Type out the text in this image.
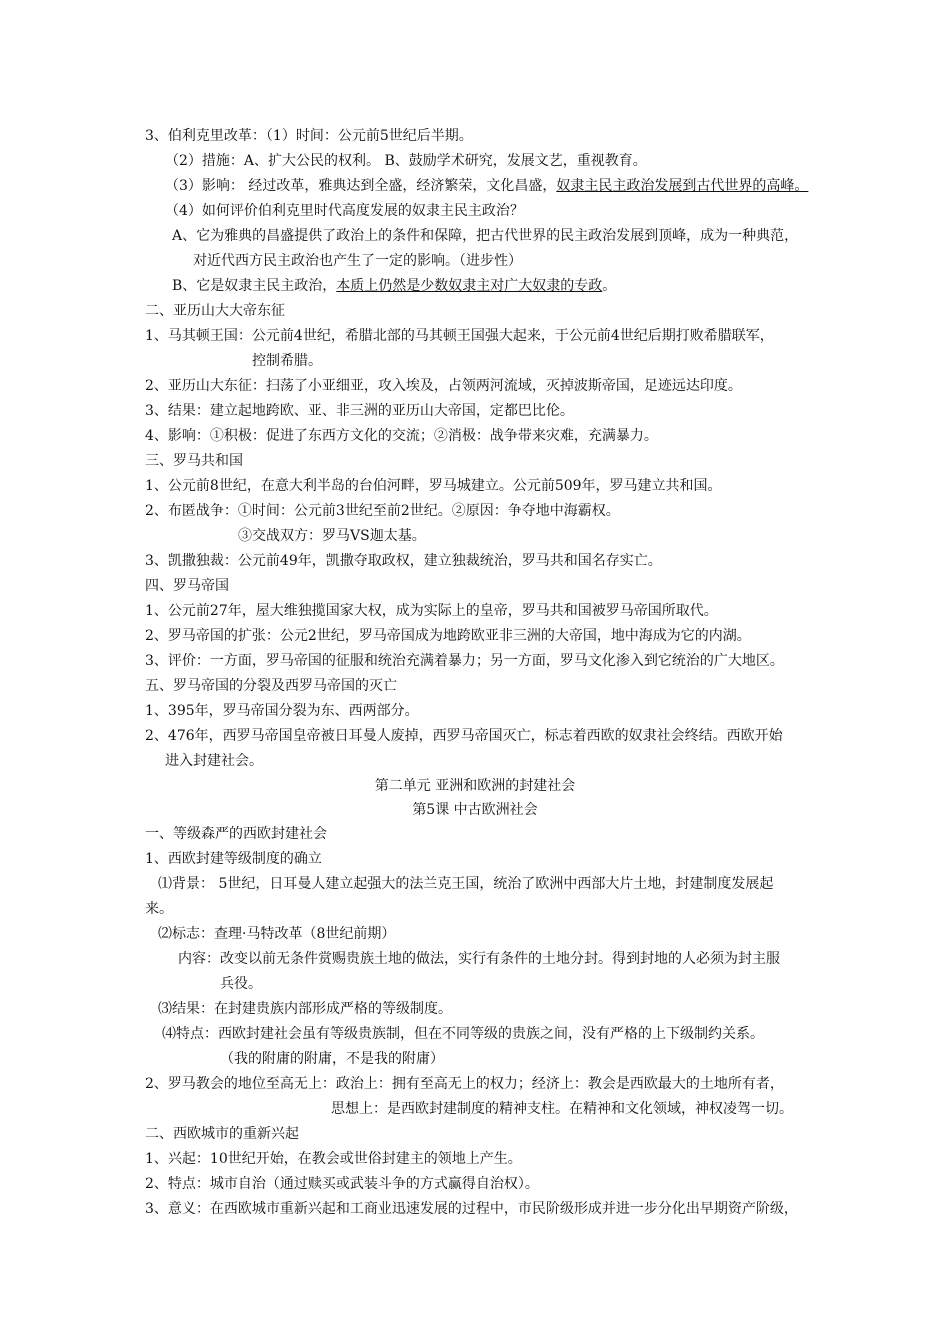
3、伯利克里改革：（1）时间：公元前5世纪后半期。
（2）措施：A、扩大公民的权利。 B、鼓励学术研究，发展文艺，重视教育。
（3）影响： 经过改革，雅典达到全盛，经济繁荣，文化昌盛，奴隶主民主政治发展到古代世界的高峰。
（4）如何评价伯利克里时代高度发展的奴隶主民主政治？
A、它为雅典的昌盛提供了政治上的条件和保障，把古代世界的民主政治发展到顶峰，成为一种典范，
对近代西方民主政治也产生了一定的影响。（进步性）
B、它是奴隶主民主政治，本质上仍然是少数奴隶主对广大奴隶的专政。
二、亚历山大大帝东征
1、马其顿王国：公元前4世纪，希腊北部的马其顿王国强大起来，于公元前4世纪后期打败希腊联军，
控制希腊。
2、亚历山大东征：扫荡了小亚细亚，攻入埃及，占领两河流域，灭掉波斯帝国，足迹远达印度。
3、结果：建立起地跨欧、亚、非三洲的亚历山大帝国，定都巴比伦。
4、影响：①积极：促进了东西方文化的交流；②消极：战争带来灾难，充满暴力。
三、罗马共和国
1、公元前8世纪，在意大利半岛的台伯河畔，罗马城建立。公元前509年，罗马建立共和国。
2、布匿战争：①时间：公元前3世纪至前2世纪。②原因：争夺地中海霸权。
③交战双方：罗马VS迦太基。
3、凯撒独裁：公元前49年，凯撒夺取政权，建立独裁统治，罗马共和国名存实亡。
四、罗马帝国
1、公元前27年，屋大维独揽国家大权，成为实际上的皇帝，罗马共和国被罗马帝国所取代。
2、罗马帝国的扩张：公元2世纪，罗马帝国成为地跨欧亚非三洲的大帝国，地中海成为它的内湖。
3、评价：一方面，罗马帝国的征服和统治充满着暴力；另一方面，罗马文化渗入到它统治的广大地区。
五、罗马帝国的分裂及西罗马帝国的灭亡
1、395年，罗马帝国分裂为东、西两部分。
2、476年，西罗马帝国皇帝被日耳曼人废掉，西罗马帝国灭亡，标志着西欧的奴隶社会终结。西欧开始
进入封建社会。
第二单元 亚洲和欧洲的封建社会
第5课 中古欧洲社会
一、等级森严的西欧封建社会
1、西欧封建等级制度的确立
⑴背景： 5世纪，日耳曼人建立起强大的法兰克王国，统治了欧洲中西部大片土地，封建制度发展起
来。
⑵标志：查理·马特改革（8世纪前期）
内容：改变以前无条件赏赐贵族土地的做法，实行有条件的土地分封。得到封地的人必须为封主服
兵役。
⑶结果：在封建贵族内部形成严格的等级制度。
⑷特点：西欧封建社会虽有等级贵族制，但在不同等级的贵族之间，没有严格的上下级制约关系。
（我的附庸的附庸，不是我的附庸）
2、罗马教会的地位至高无上：政治上：拥有至高无上的权力；经济上：教会是西欧最大的土地所有者，
思想上：是西欧封建制度的精神支柱。在精神和文化领域，神权凌驾一切。
二、西欧城市的重新兴起
1、兴起：10世纪开始，在教会或世俗封建主的领地上产生。
2、特点：城市自治（通过赎买或武装斗争的方式赢得自治权）。
3、意义：在西欧城市重新兴起和工商业迅速发展的过程中，市民阶级形成并进一步分化出早期资产阶级，
